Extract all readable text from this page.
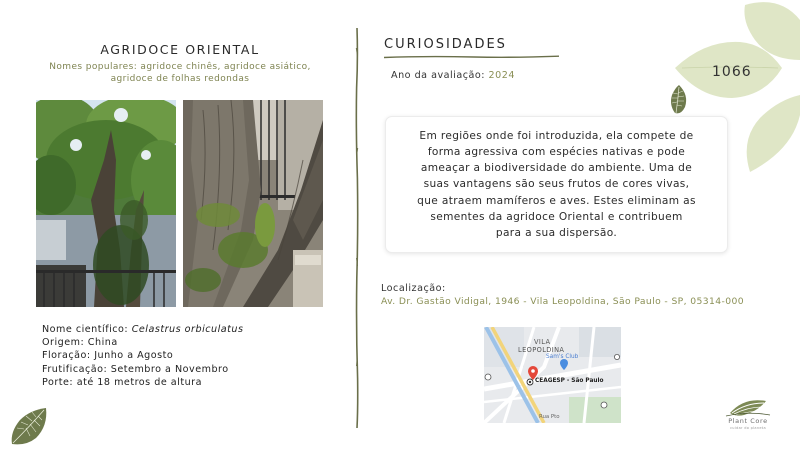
AGRIDOCE ORIENTAL
Nomes populares: agridoce chinês, agridoce asiático,
agridoce de folhas redondas
Nome científico: Celastrus orbiculatus
Origem: China
Floração: Junho a Agosto
Frutificação: Setembro a Novembro
Porte: até 18 metros de altura
CURIOSIDADES
Ano da avaliação: 2024
Em regiões onde foi introduzida, ela compete de
forma agressiva com espécies nativas e pode
ameaçar a biodiversidade do ambiente. Uma de
suas vantagens são seus frutos de cores vivas,
que atraem mamíferos e aves. Estes eliminam as
sementes da agridoce Oriental e contribuem
para a sua dispersão.
Localização:
Av. Dr. Gastão Vidigal, 1946 - Vila Leopoldina, São Paulo - SP, 05314-000
VILA
LEOPOLDINA
Sam's Club
CEAGESP - São Paulo
Rua Pto
1066
Plant Core
cuidar do planeta
